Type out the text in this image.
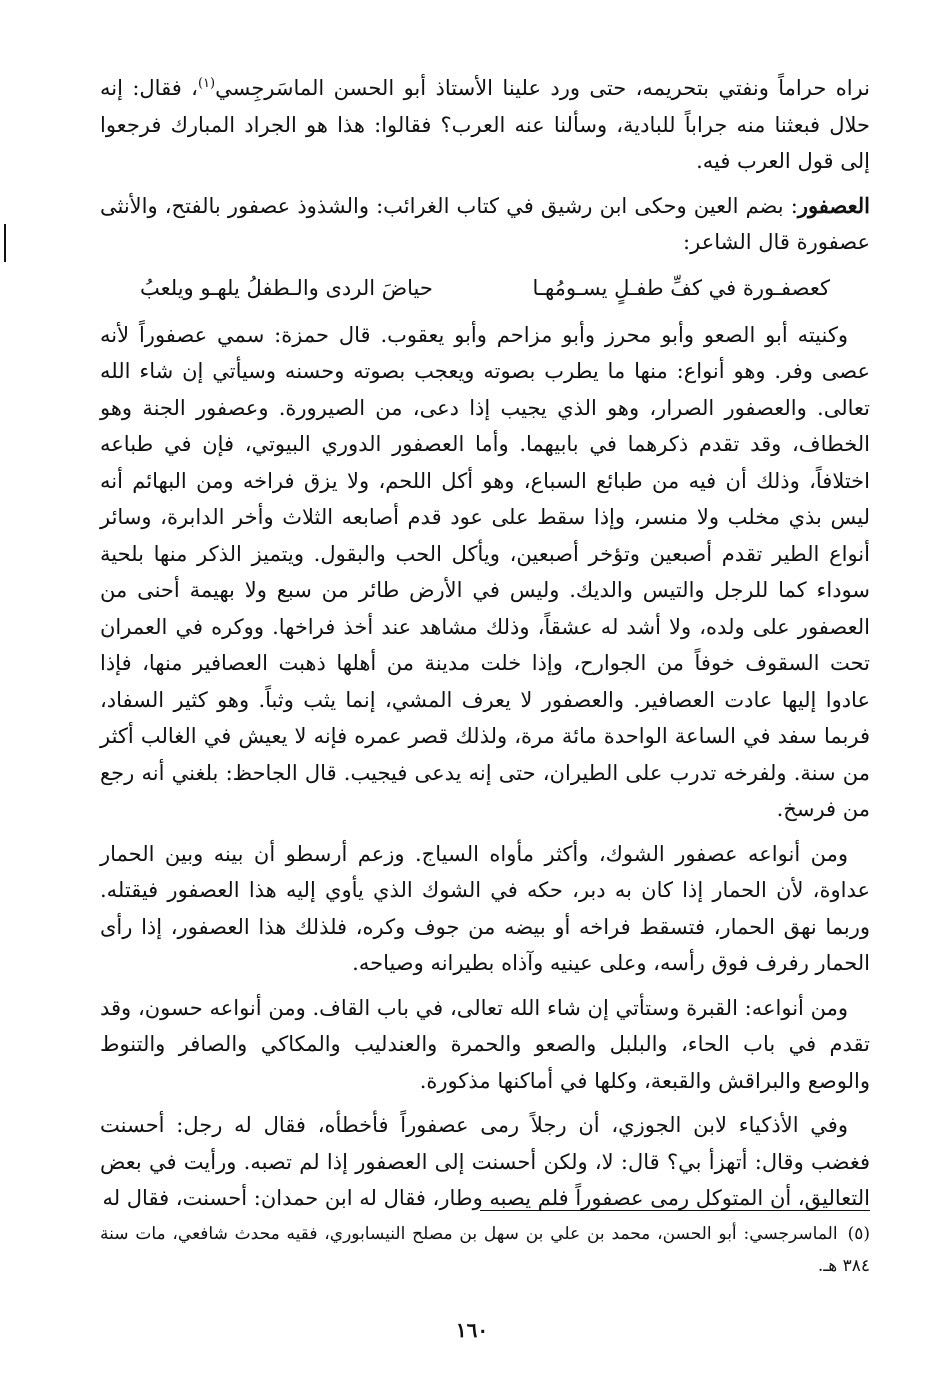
نراه حراماً ونفتي بتحريمه، حتى ورد علينا الأستاذ أبو الحسن الماسَرجِسي$^{(١)}$، فقال: إنه حلال فبعثنا منه جراباً للبادية، وسألنا عنه العرب؟ فقالوا: هذا هو الجراد المبارك فرجعوا إلى قول العرب فيه.

العصفور: بضم العين وحكى ابن رشيق في كتاب الغرائب: والشذوذ عصفور بالفتح، والأنثى عصفورة قال الشاعر:

كعصفـورة في كفِّ طفـلٍ يسـومُهـا
حياضَ الردى والـطفلُ يلهـو ويلعبُ

وكنيته أبو الصعو وأبو محرز وأبو مزاحم وأبو يعقوب. قال حمزة: سمي عصفوراً لأنه عصى وفر. وهو أنواع: منها ما يطرب بصوته ويعجب بصوته وحسنه وسيأتي إن شاء الله تعالى. والعصفور الصرار، وهو الذي يجيب إذا دعى، من الصيرورة. وعصفور الجنة وهو الخطاف، وقد تقدم ذكرهما في بابيهما. وأما العصفور الدوري البيوتي، فإن في طباعه اختلافاً، وذلك أن فيه من طبائع السباع، وهو أكل اللحم، ولا يزق فراخه ومن البهائم أنه ليس بذي مخلب ولا منسر، وإذا سقط على عود قدم أصابعه الثلاث وأخر الدابرة، وسائر أنواع الطير تقدم أصبعين وتؤخر أصبعين، ويأكل الحب والبقول. ويتميز الذكر منها بلحية سوداء كما للرجل والتيس والديك. وليس في الأرض طائر من سبع ولا بهيمة أحنى من العصفور على ولده، ولا أشد له عشقاً، وذلك مشاهد عند أخذ فراخها. ووكره في العمران تحت السقوف خوفاً من الجوارح، وإذا خلت مدينة من أهلها ذهبت العصافير منها، فإذا عادوا إليها عادت العصافير. والعصفور لا يعرف المشي، إنما يثب وثباً. وهو كثير السفاد، فربما سفد في الساعة الواحدة مائة مرة، ولذلك قصر عمره فإنه لا يعيش في الغالب أكثر من سنة. ولفرخه تدرب على الطيران، حتى إنه يدعى فيجيب. قال الجاحظ: بلغني أنه رجع من فرسخ.

ومن أنواعه عصفور الشوك، وأكثر مأواه السياج. وزعم أرسطو أن بينه وبين الحمار عداوة، لأن الحمار إذا كان به دبر، حكه في الشوك الذي يأوي إليه هذا العصفور فيقتله. وربما نهق الحمار، فتسقط فراخه أو بيضه من جوف وكره، فلذلك هذا العصفور، إذا رأى الحمار رفرف فوق رأسه، وعلى عينيه وآذاه بطيرانه وصياحه.

ومن أنواعه: القبرة وستأتي إن شاء الله تعالى، في باب القاف. ومن أنواعه حسون، وقد تقدم في باب الحاء، والبلبل والصعو والحمرة والعندليب والمكاكي والصافر والتنوط والوصع والبراقش والقبعة، وكلها في أماكنها مذكورة.

وفي الأذكياء لابن الجوزي، أن رجلاً رمى عصفوراً فأخطأه، فقال له رجل: أحسنت فغضب وقال: أتهزأ بي؟ قال: لا، ولكن أحسنت إلى العصفور إذا لم تصبه. ورأيت في بعض التعاليق، أن المتوكل رمى عصفوراً فلم يصبه وطار، فقال له ابن حمدان: أحسنت، فقال له

(٥)الماسرجسي: أبو الحسن، محمد بن علي بن سهل بن مصلح النيسابوري، فقيه محدث شافعي، مات سنة ٣٨٤ هـ.
١٦٠
